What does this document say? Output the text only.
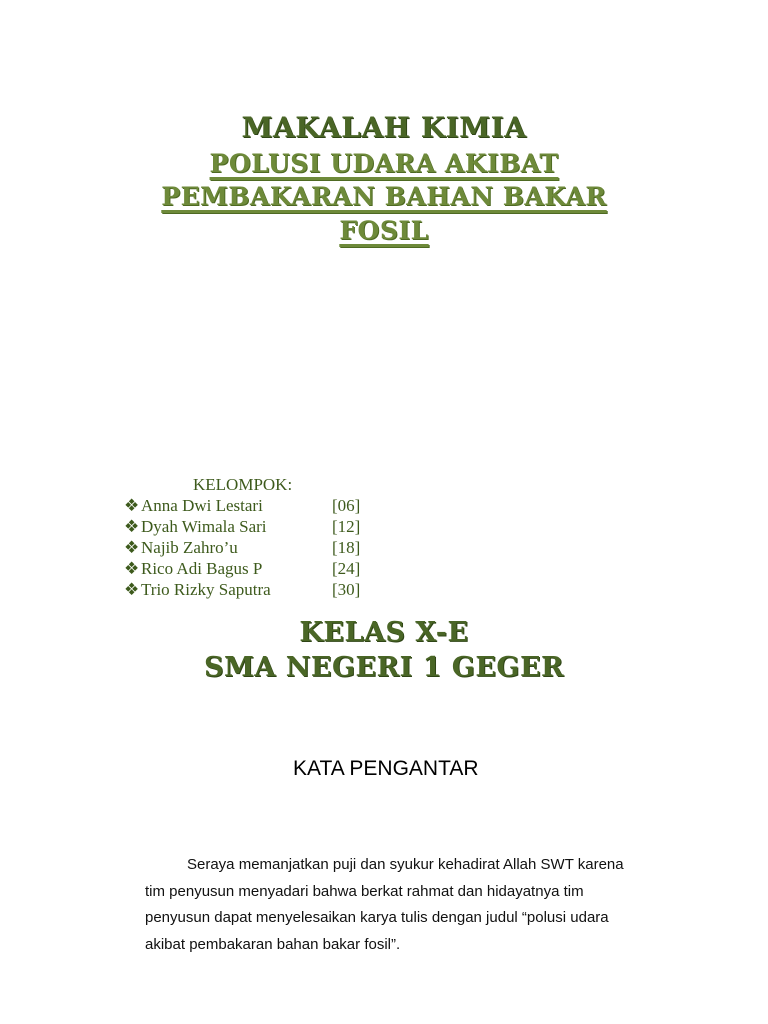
MAKALAH KIMIA
POLUSI UDARA AKIBAT
PEMBAKARAN BAHAN BAKAR
FOSIL
KELOMPOK:
❖ Anna Dwi Lestari	[06]
❖ Dyah Wimala Sari	[12]
❖ Najib Zahro’u	[18]
❖ Rico Adi Bagus P	[24]
❖ Trio Rizky Saputra	[30]
KELAS X-E
SMA NEGERI 1 GEGER
KATA PENGANTAR
Seraya memanjatkan puji dan syukur kehadirat Allah SWT karena
tim penyusun menyadari bahwa berkat rahmat dan hidayatnya tim
penyusun dapat menyelesaikan karya tulis dengan judul “polusi udara
akibat pembakaran bahan bakar fosil”.
